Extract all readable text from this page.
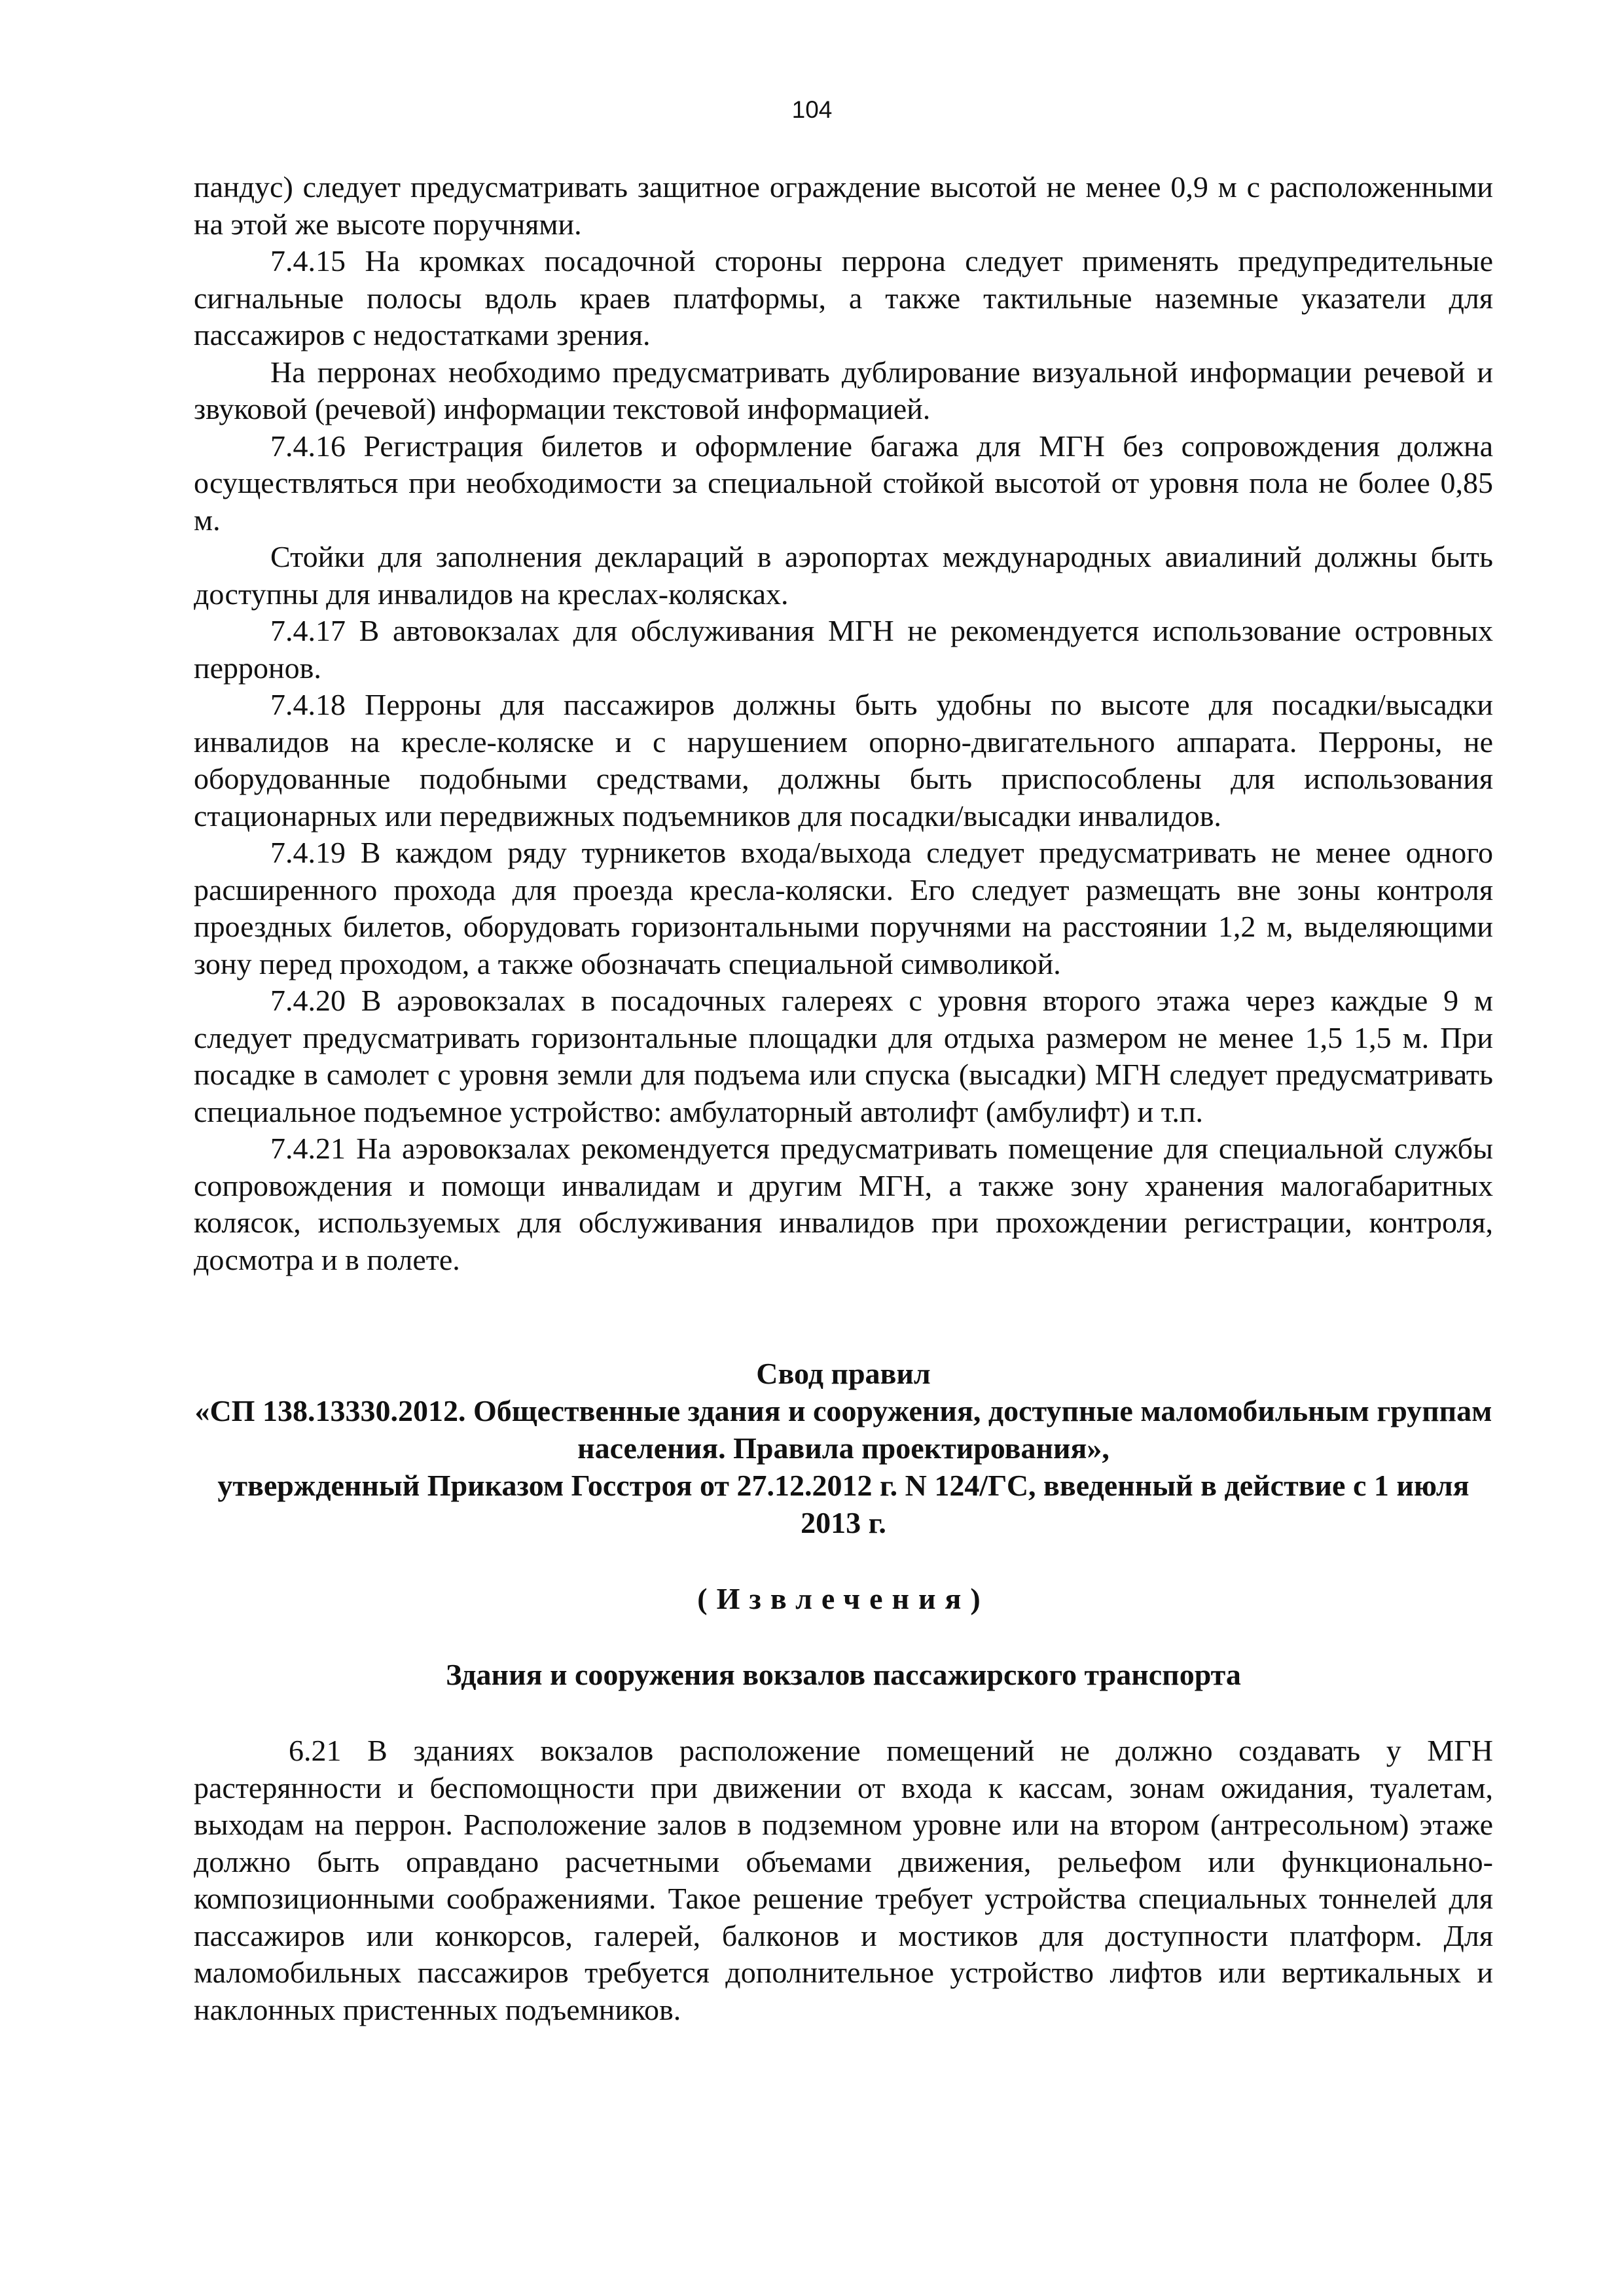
104

пандус) следует предусматривать защитное ограждение высотой не менее 0,9 м с расположенными на этой же высоте поручнями.

7.4.15 На кромках посадочной стороны перрона следует применять предупредительные сигнальные полосы вдоль краев платформы, а также тактильные наземные указатели для пассажиров с недостатками зрения.

На перронах необходимо предусматривать дублирование визуальной информации речевой и звуковой (речевой) информации текстовой информацией.

7.4.16 Регистрация билетов и оформление багажа для МГН без сопровождения должна осуществляться при необходимости за специальной стойкой высотой от уровня пола не более 0,85 м.

Стойки для заполнения деклараций в аэропортах международных авиалиний должны быть доступны для инвалидов на креслах-колясках.

7.4.17 В автовокзалах для обслуживания МГН не рекомендуется использование островных перронов.

7.4.18 Перроны для пассажиров должны быть удобны по высоте для посадки/высадки инвалидов на кресле-коляске и с нарушением опорно-двигательного аппарата. Перроны, не оборудованные подобными средствами, должны быть приспособлены для использования стационарных или передвижных подъемников для посадки/высадки инвалидов.

7.4.19 В каждом ряду турникетов входа/выхода следует предусматривать не менее одного расширенного прохода для проезда кресла-коляски. Его следует размещать вне зоны контроля проездных билетов, оборудовать горизонтальными поручнями на расстоянии 1,2 м, выделяющими зону перед проходом, а также обозначать специальной символикой.

7.4.20 В аэровокзалах в посадочных галереях с уровня второго этажа через каждые 9 м следует предусматривать горизонтальные площадки для отдыха размером не менее 1,5 1,5 м. При посадке в самолет с уровня земли для подъема или спуска (высадки) МГН следует предусматривать специальное подъемное устройство: амбулаторный автолифт (амбулифт) и т.п.

7.4.21 На аэровокзалах рекомендуется предусматривать помещение для специальной службы сопровождения и помощи инвалидам и другим МГН, а также зону хранения малогабаритных колясок, используемых для обслуживания инвалидов при прохождении регистрации, контроля, досмотра и в полете.

Свод правил
«СП 138.13330.2012. Общественные здания и сооружения, доступные маломобильным группам населения. Правила проектирования»,
утвержденный Приказом Госстроя от 27.12.2012 г. N 124/ГС, введенный в действие с 1 июля 2013 г.
(Извлечения)
Здания и сооружения вокзалов пассажирского транспорта

6.21 В зданиях вокзалов расположение помещений не должно создавать у МГН растерянности и беспомощности при движении от входа к кассам, зонам ожидания, туалетам, выходам на перрон. Расположение залов в подземном уровне или на втором (антресольном) этаже должно быть оправдано расчетными объемами движения, рельефом или функционально-композиционными соображениями. Такое решение требует устройства специальных тоннелей для пассажиров или конкорсов, галерей, балконов и мостиков для доступности платформ. Для маломобильных пассажиров требуется дополнительное устройство лифтов или вертикальных и наклонных пристенных подъемников.
